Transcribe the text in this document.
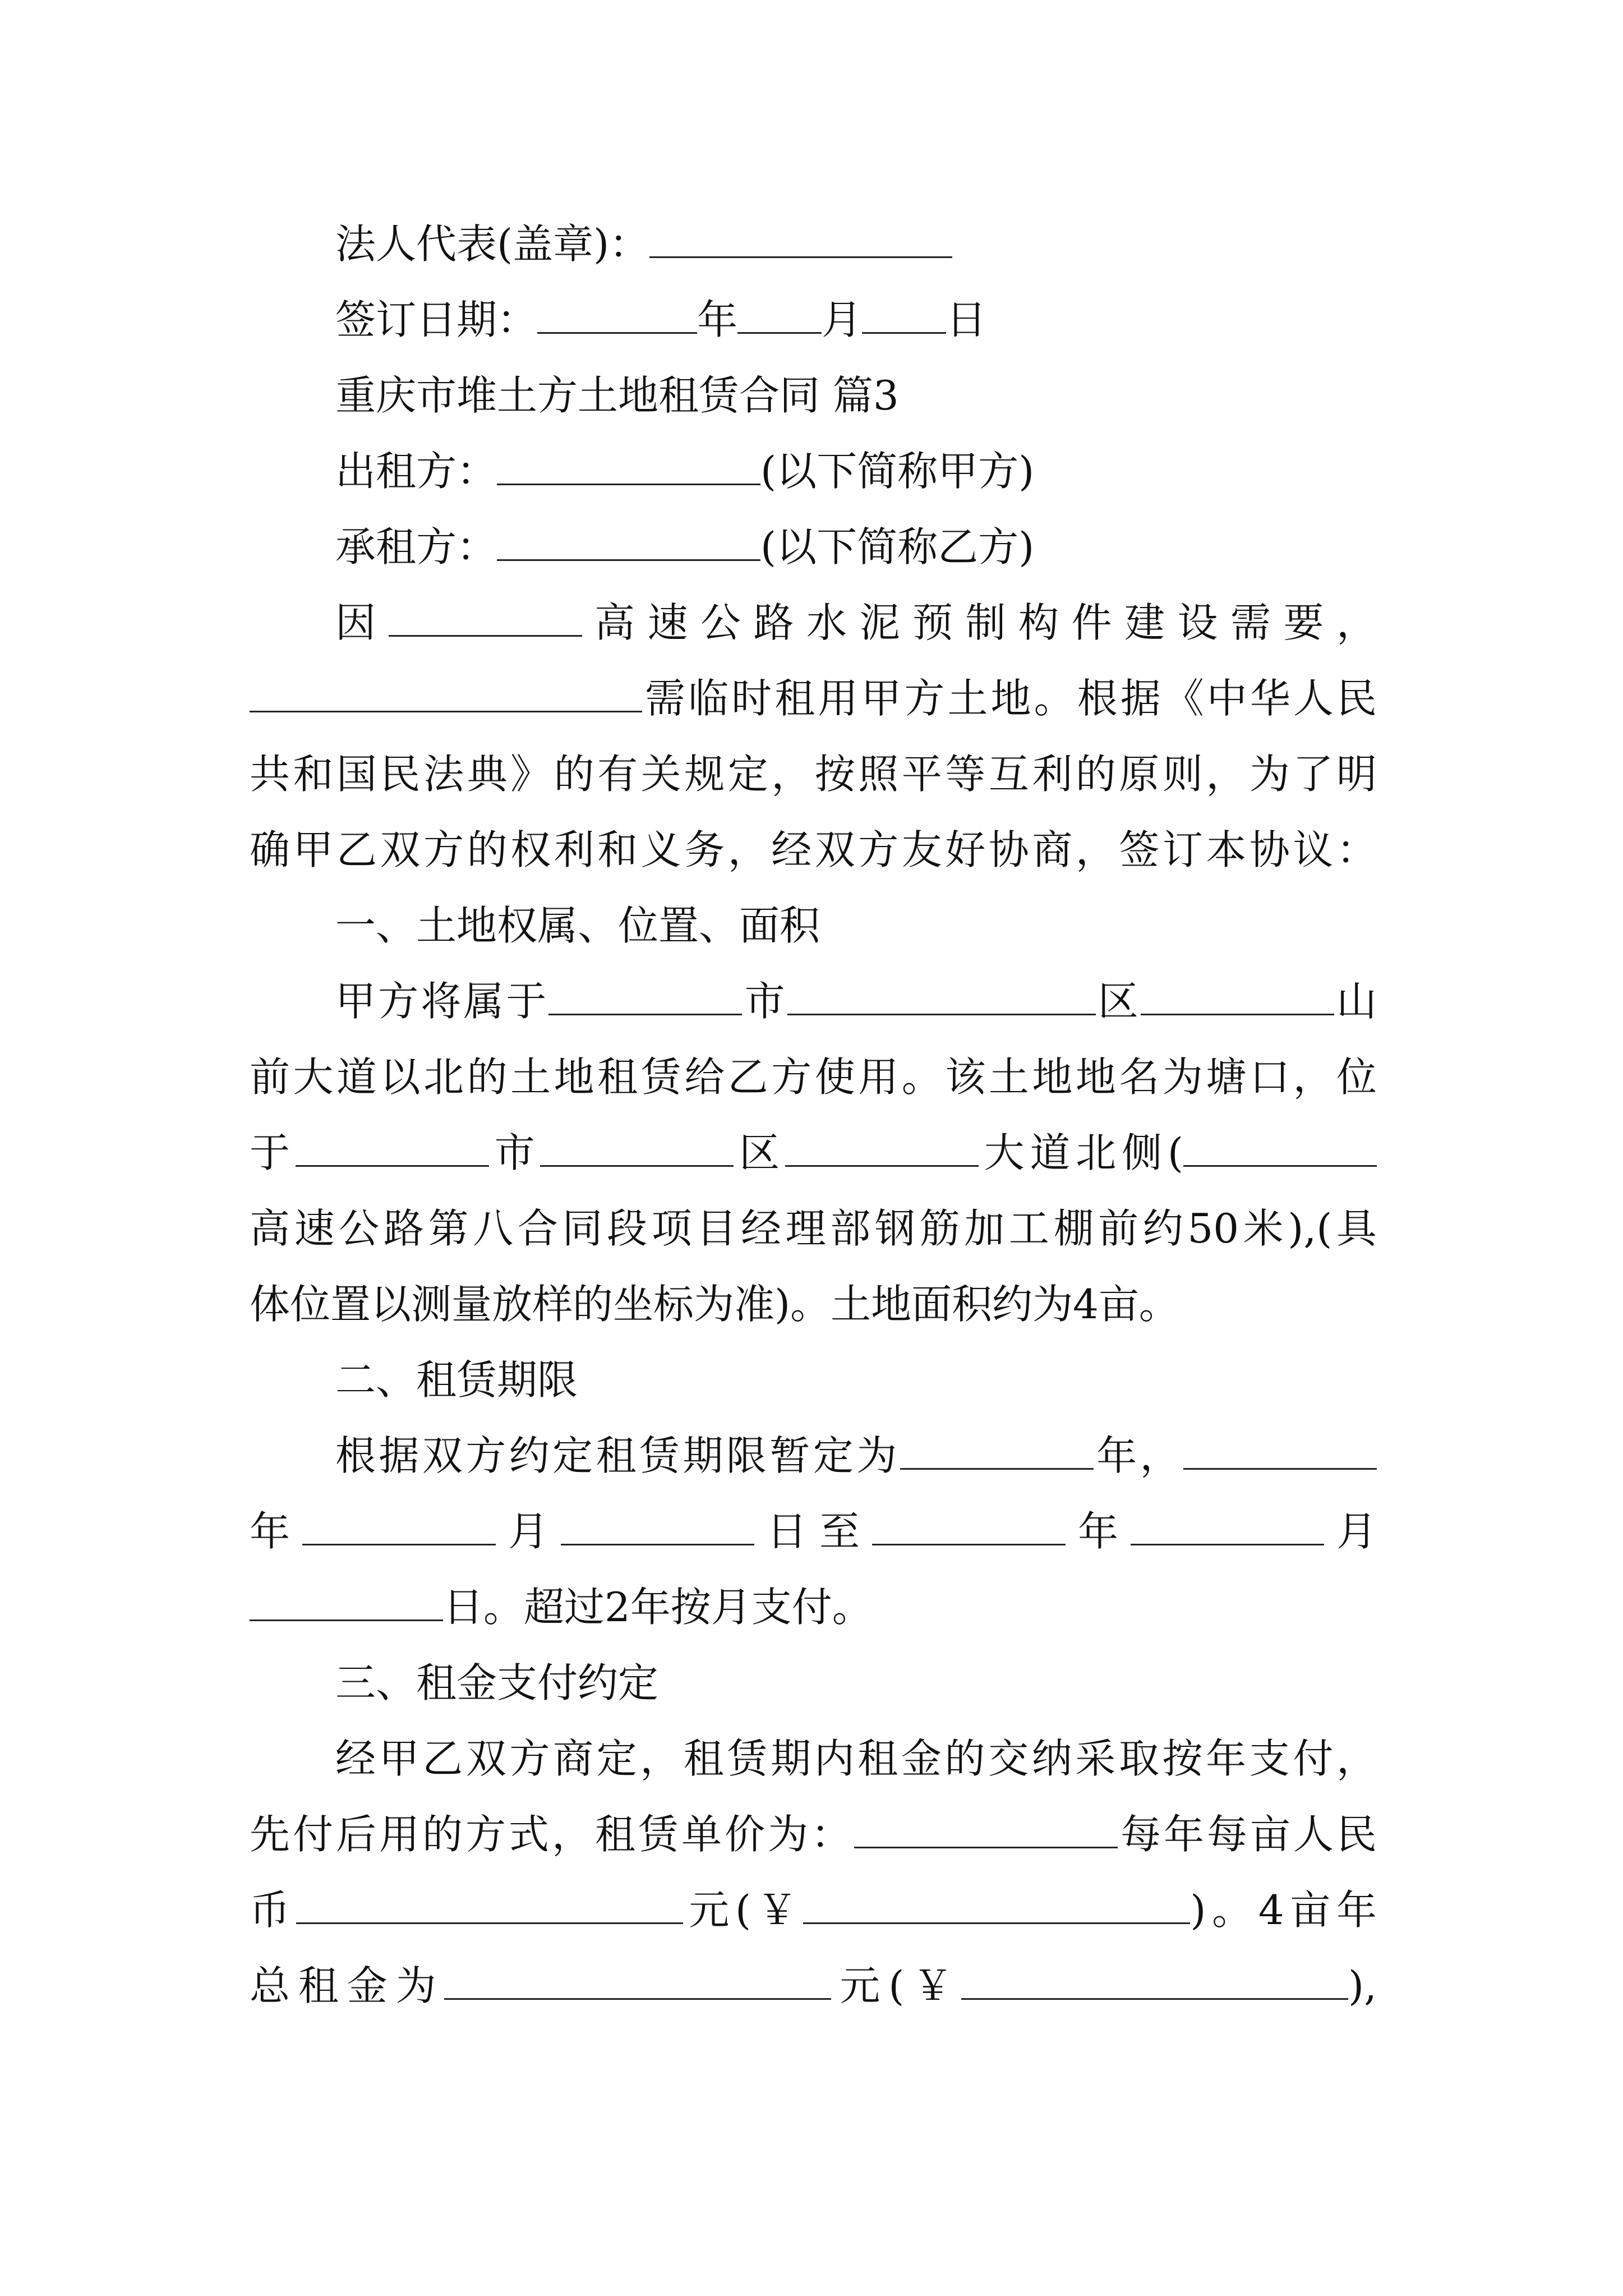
法人代表(盖章)：
签订日期：	年 月 日
重庆市堆土方土地租赁合同 篇3
出租方：	(以下简称甲方)
承租方：	(以下简称乙方)
因	高速公路水泥预制构件建设需要，
需临时租用甲方土地。根据《中华人民
共和国民法典》的有关规定，按照平等互利的原则，为了明
确甲乙双方的权利和义务，经双方友好协商，签订本协议：
一、土地权属、位置、面积
甲方将属于	市	区	山
前大道以北的土地租赁给乙方使用。该土地地名为塘口，位
于	市	区	大道北侧(
高速公路第八合同段项目经理部钢筋加工棚前约50米),(具
体位置以测量放样的坐标为准)。土地面积约为4亩。
二、租赁期限
根据双方约定租赁期限暂定为	年，
年	月	日至	年	月
日。超过2年按月支付。
三、租金支付约定
经甲乙双方商定，租赁期内租金的交纳采取按年支付，
先付后用的方式，租赁单价为：	每年每亩人民
币	元(￥	)。4亩年
总租金为	元(￥	),
